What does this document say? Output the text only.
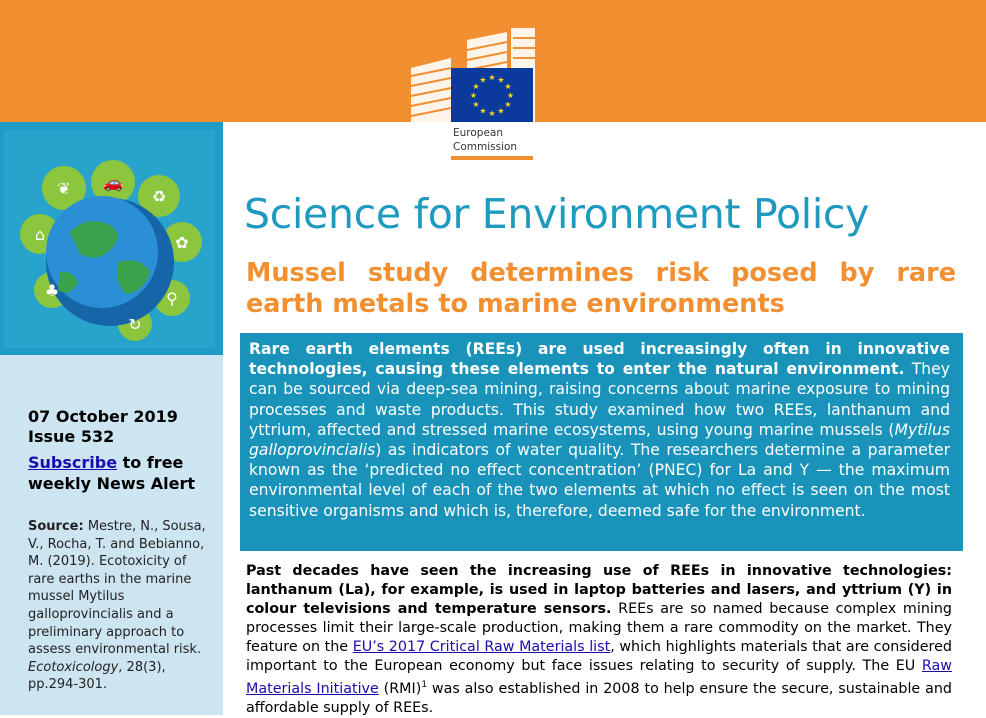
★ ★
★
★
★
★
★
★
★
★
★
★
European
Commission
❦ 🚗
♻
⌂	✿
♣	⚲
↻
07 October 2019
Issue 532
Subscribe to free weekly News Alert
Source: Mestre, N., Sousa, V., Rocha, T. and Bebianno, M. (2019). Ecotoxicity of rare earths in the marine mussel Mytilus galloprovincialis and a preliminary approach to assess environmental risk. Ecotoxicology, 28(3), pp.294-301.
Science for Environment Policy
Mussel study determines risk posed by rare earth metals to marine environments

Rare earth elements (REEs) are used increasingly often in innovative technologies, causing these elements to enter the natural environment. They can be sourced via deep-sea mining, raising concerns about marine exposure to mining processes and waste products. This study examined how two REEs, lanthanum and yttrium, affected and stressed marine ecosystems, using young marine mussels (Mytilus galloprovincialis) as indicators of water quality. The researchers determine a parameter known as the ‘predicted no effect concentration’ (PNEC) for La and Y — the maximum environmental level of each of the two elements at which no effect is seen on the most sensitive organisms and which is, therefore, deemed safe for the environment.

Past decades have seen the increasing use of REEs in innovative technologies: lanthanum (La), for example, is used in laptop batteries and lasers, and yttrium (Y) in colour televisions and temperature sensors. REEs are so named because complex mining processes limit their large-scale production, making them a rare commodity on the market. They feature on the EU’s 2017 Critical Raw Materials list, which highlights materials that are considered important to the European economy but face issues relating to security of supply. The EU Raw Materials Initiative (RMI)$^1$ was also established in 2008 to help ensure the secure, sustainable and affordable supply of REEs.
